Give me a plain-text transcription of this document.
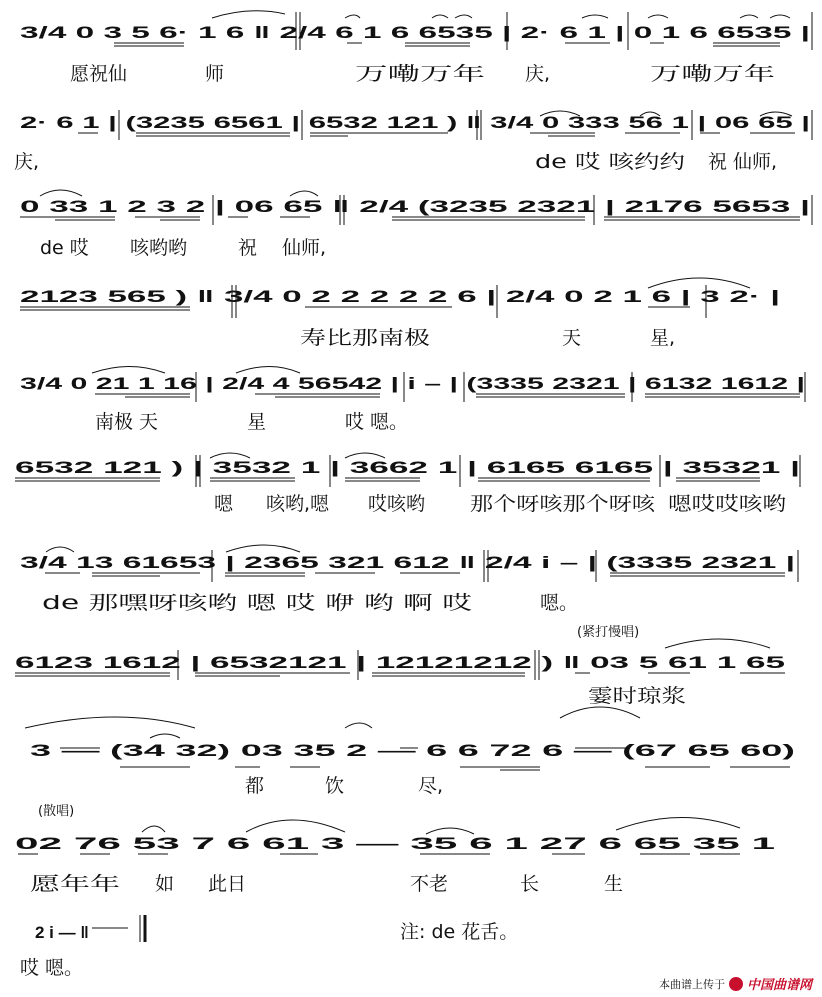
3/4 0 3 5 6· 1 6 ‖ 2/4 6 1 6 6535 | 2· 6 1 | 0 1 6 6535 |
愿祝仙	师	万嘞万年 庆,	万嘞万年
2· 6 1 | (3235 6561 | 6532 121 ) ‖ 3/4 0 333 56 1 | 06 65 |
庆,	de 哎 咳约约 祝 仙师,
0 33 1 2 3 2 | 06 65 ‖ 2/4 (3235 2321 | 2176 5653 |
de 哎 咳哟哟	祝 仙师,
2123 565 ) ‖ 3/4 0 2 2 2 2 2 6 | 2/4 0 2 1 6 | 3 2· |
寿比那南极	天	星,
3/4 0 21 1 16 | 2/4 4 56542 | i – | (3335 2321 | 6132 1612 |
南极 天	星	哎 嗯。
6532 121 ) | 3532 1 | 3662 1 | 6165 6165 | 35321 |
嗯 咳哟,嗯 哎咳哟 那个呀咳那个呀咳 嗯哎哎咳哟
3/4 13 61653 | 2365 321 612 ‖ 2/4 i – | (3335 2321 |
de 那嘿呀咳哟 嗯 哎 咿 哟 啊 哎	嗯。
(紧打慢唱)
6123 1612 | 6532121 | 12121212 ) ‖ 03 5 61 1 65
霎时琼浆
3 — (34 32) 03 35 2 — 6 6 72 6 — (67 65 60)
都	饮	尽,
(散唱)
02 76 53 7 6 61 3 — 35 6 1 27 6 65 35 1
愿年年 如 此日	不老	长	生
2 i — ‖
哎 嗯。
注: de 花舌。
本曲谱上传于 中国曲谱网
